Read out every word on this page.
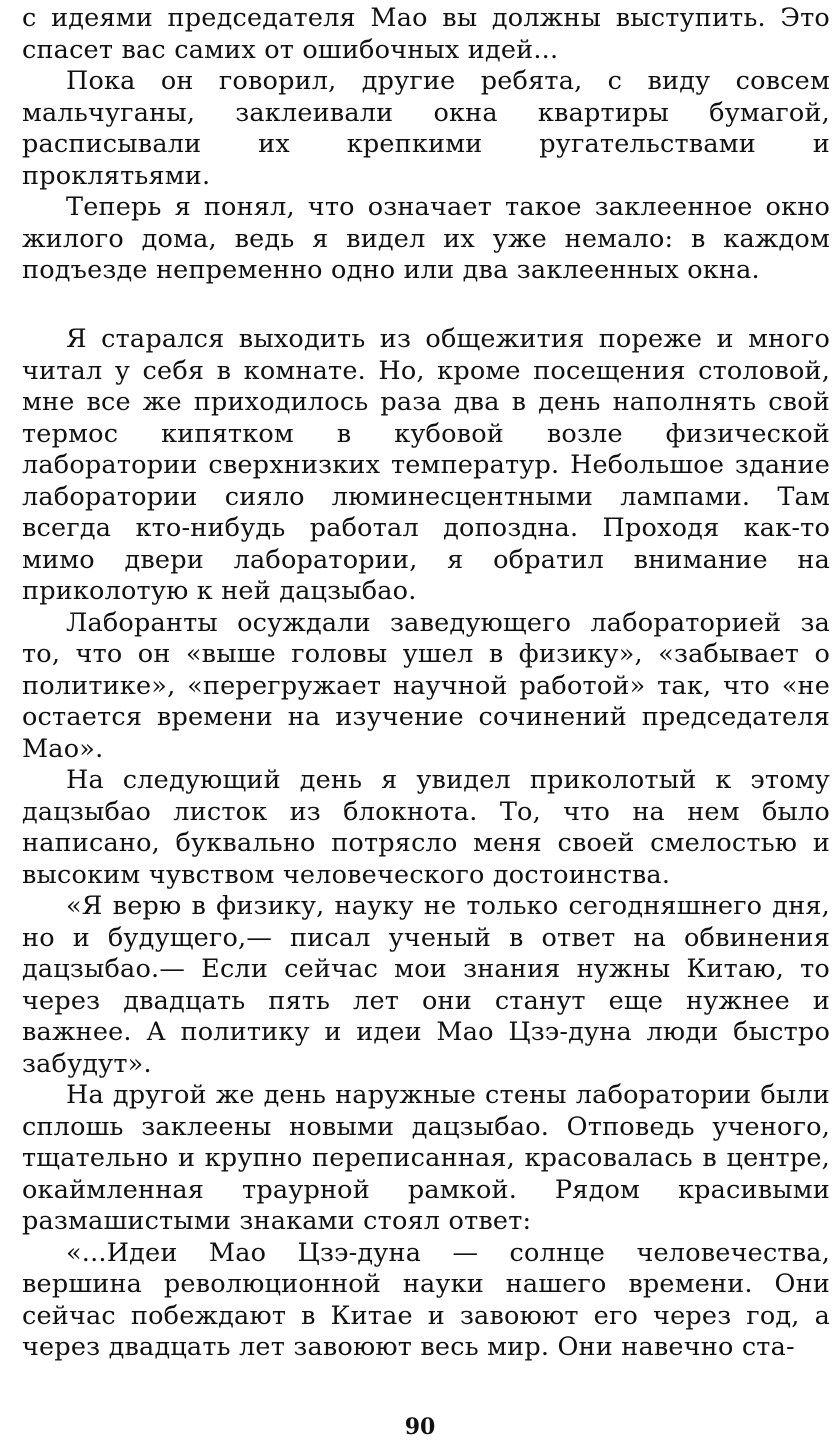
с идеями председателя Мао вы должны выступить. Это спасет вас самих от ошибочных идей...

Пока он говорил, другие ребята, с виду совсем мальчуганы, заклеивали окна квартиры бумагой, расписывали их крепкими ругательствами и проклятьями.

Теперь я понял, что означает такое заклеенное окно жилого дома, ведь я видел их уже немало: в каждом подъезде непременно одно или два заклеенных окна.

Я старался выходить из общежития пореже и много читал у себя в комнате. Но, кроме посещения столовой, мне все же приходилось раза два в день наполнять свой термос кипятком в кубовой возле физической лаборатории сверхнизких температур. Небольшое здание лаборатории сияло люминесцентными лампами. Там всегда кто-нибудь работал допоздна. Проходя как-то мимо двери лаборатории, я обратил внимание на приколотую к ней дацзыбао.

Лаборанты осуждали заведующего лабораторией за то, что он «выше головы ушел в физику», «забывает о политике», «перегружает научной работой» так, что «не остается времени на изучение сочинений председателя Мао».

На следующий день я увидел приколотый к этому дацзыбао листок из блокнота. То, что на нем было написано, буквально потрясло меня своей смелостью и высоким чувством человеческого достоинства.

«Я верю в физику, науку не только сегодняшнего дня, но и будущего,— писал ученый в ответ на обвинения дацзыбао.— Если сейчас мои знания нужны Китаю, то через двадцать пять лет они станут еще нужнее и важнее. А политику и идеи Мао Цзэ-дуна люди быстро забудут».

На другой же день наружные стены лаборатории были сплошь заклеены новыми дацзыбао. Отповедь ученого, тщательно и крупно переписанная, красовалась в центре, окаймленная траурной рамкой. Рядом красивыми размашистыми знаками стоял ответ:

«...Идеи Мао Цзэ-дуна — солнце человечества, вершина революционной науки нашего времени. Они сейчас побеждают в Китае и завоюют его через год, а через двадцать лет завоюют весь мир. Они навечно ста-

90
